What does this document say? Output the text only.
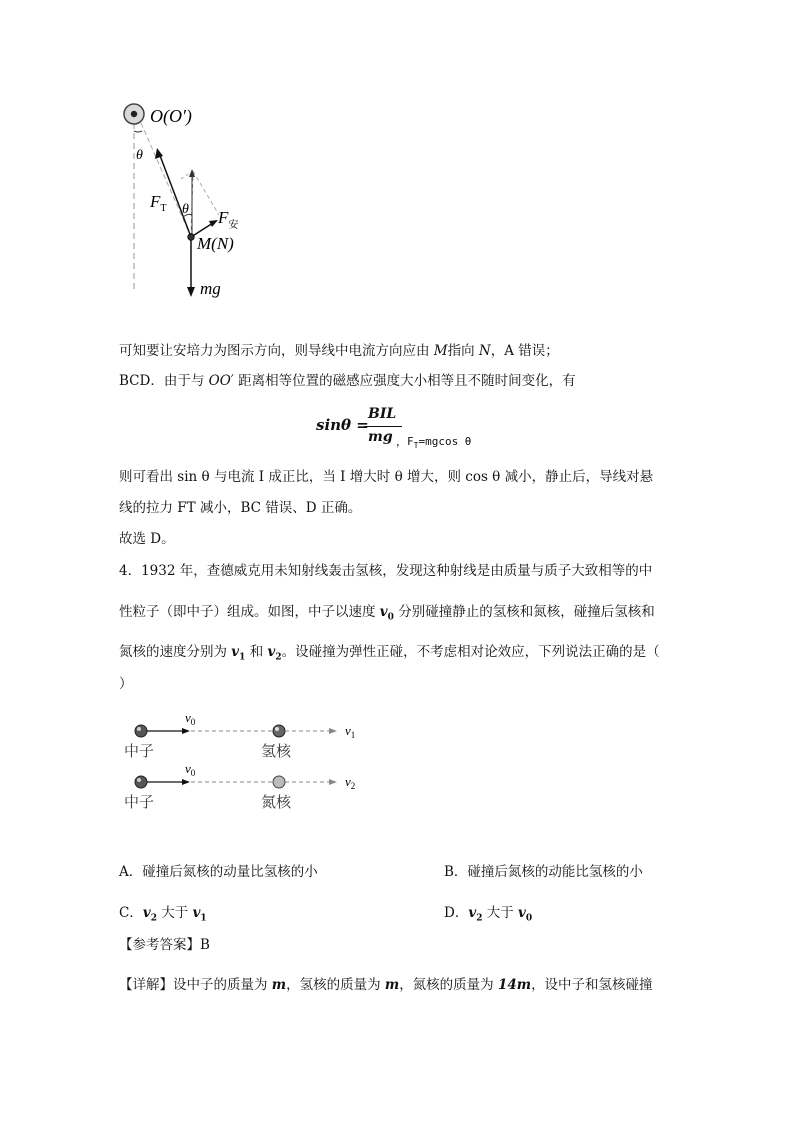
O(O′)
θ
θ
$F_T$	$F_安$
M(N)
mg
可知要让安培力为图示方向，则导线中电流方向应由 M指向 N，A 错误；
BCD．由于与 OO′ 距离相等位置的磁感应强度大小相等且不随时间变化，有
sinθ =
BIL
mg ，$F_T=mgcos$ θ
则可看出 sin θ 与电流 I 成正比，当 I 增大时 θ 增大，则 cos θ 减小，静止后，导线对悬
线的拉力 FT 减小，BC 错误、D 正确。
故选 D。
4．1932 年，查德威克用未知射线轰击氢核，发现这种射线是由质量与质子大致相等的中
性粒子（即中子）组成。如图，中子以速度 $v_0$ 分别碰撞静止的氢核和氮核，碰撞后氢核和
氮核的速度分别为 $v_1$ 和 $v_2$。设碰撞为弹性正碰，不考虑相对论效应，下列说法正确的是（
）
$v_0$
$v_1$
中子	氢核
$v_0$
$v_2$
中子	氮核
A．碰撞后氮核的动量比氢核的小	B．碰撞后氮核的动能比氢核的小
C．$v_2$ 大于 $v_1$	D．$v_2$ 大于 $v_0$
【参考答案】B
【详解】设中子的质量为 m，氢核的质量为 m，氮核的质量为 14m，设中子和氢核碰撞
